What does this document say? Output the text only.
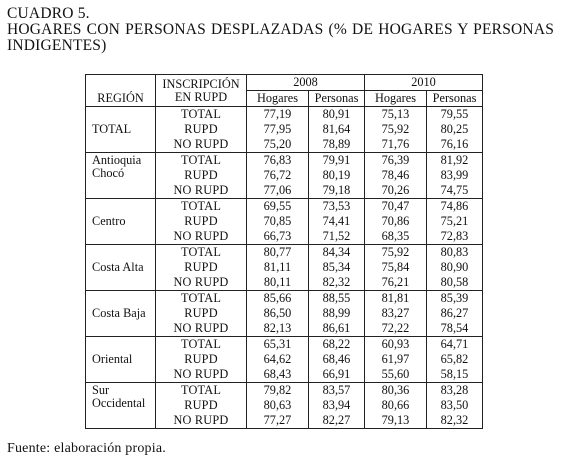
CUADRO 5.
HOGARES CON PERSONAS DESPLAZADAS (% DE HOGARES Y PERSONAS
INDIGENTES)
REGIÓN	INSCRIPCIÓN
EN RUPD	2008		2010	
		Hogares	Personas	Hogares	Personas

TOTAL	TOTAL	77,19	80,91	75,13	79,55
	RUPD	77,95	81,64	75,92	80,25
	NO RUPD	75,20	78,89	71,76	76,16

Antioquia
Chocó	TOTAL	76,83	79,91	76,39	81,92
	RUPD	76,72	80,19	78,46	83,99
	NO RUPD	77,06	79,18	70,26	74,75

Centro	TOTAL	69,55	73,53	70,47	74,86
	RUPD	70,85	74,41	70,86	75,21
	NO RUPD	66,73	71,52	68,35	72,83

Costa Alta	TOTAL	80,77	84,34	75,92	80,83
	RUPD	81,11	85,34	75,84	80,90
	NO RUPD	80,11	82,32	76,21	80,58

Costa Baja	TOTAL	85,66	88,55	81,81	85,39
	RUPD	86,50	88,99	83,27	86,27
	NO RUPD	82,13	86,61	72,22	78,54

Oriental	TOTAL	65,31	68,22	60,93	64,71
	RUPD	64,62	68,46	61,97	65,82
	NO RUPD	68,43	66,91	55,60	58,15

Sur
Occidental	TOTAL	79,82	83,57	80,36	83,28
	RUPD	80,63	83,94	80,66	83,50
	NO RUPD	77,27	82,27	79,13	82,32
Fuente: elaboración propia.
